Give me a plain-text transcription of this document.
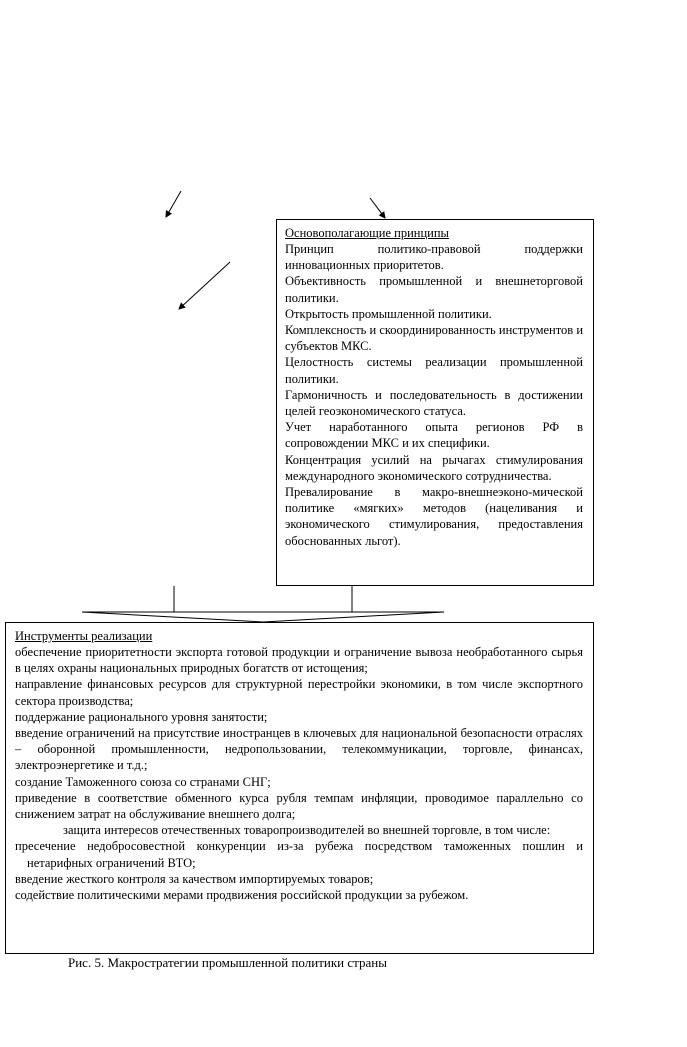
Основополагающие принципы
Принцип политико-правовой поддержки инновационных приоритетов.
Объективность промышленной и внешнеторговой политики.
Открытость промышленной политики.
Комплексность и скоординированность инструментов и субъектов МКС.
Целостность системы реализации промышленной политики.
Гармоничность и последовательность в достижении целей геоэкономического статуса.
Учет наработанного опыта регионов РФ в сопровождении МКС и их специфики.
Концентрация усилий на рычагах стимулирования международного экономического сотрудничества.
Превалирование в макро-внешнеэконо-мической политике «мягких» методов (нацеливания и экономического стимулирования, предоставления обоснованных льгот).
Инструменты реализации
обеспечение приоритетности экспорта готовой продукции и ограничение вывоза необработанного сырья в целях охраны национальных природных богатств от истощения;
направление финансовых ресурсов для структурной перестройки экономики, в том числе экспортного сектора производства;
поддержание рационального уровня занятости;
введение ограничений на присутствие иностранцев в ключевых для национальной безопасности отраслях – оборонной промышленности, недропользовании, телекоммуникации, торговле, финансах, электроэнергетике и т.д.;
создание Таможенного союза со странами СНГ;
приведение в соответствие обменного курса рубля темпам инфляции, проводимое параллельно со снижением затрат на обслуживание внешнего долга;
защита интересов отечественных товаропроизводителей во внешней торговле, в том числе:
пресечение недобросовестной конкуренции из-за рубежа посредством таможенных пошлин и нетарифных ограничений ВТО;
введение жесткого контроля за качеством импортируемых товаров;
содействие политическими мерами продвижения российской продукции за рубежом.
Рис. 5. Макростратегии промышленной политики страны
